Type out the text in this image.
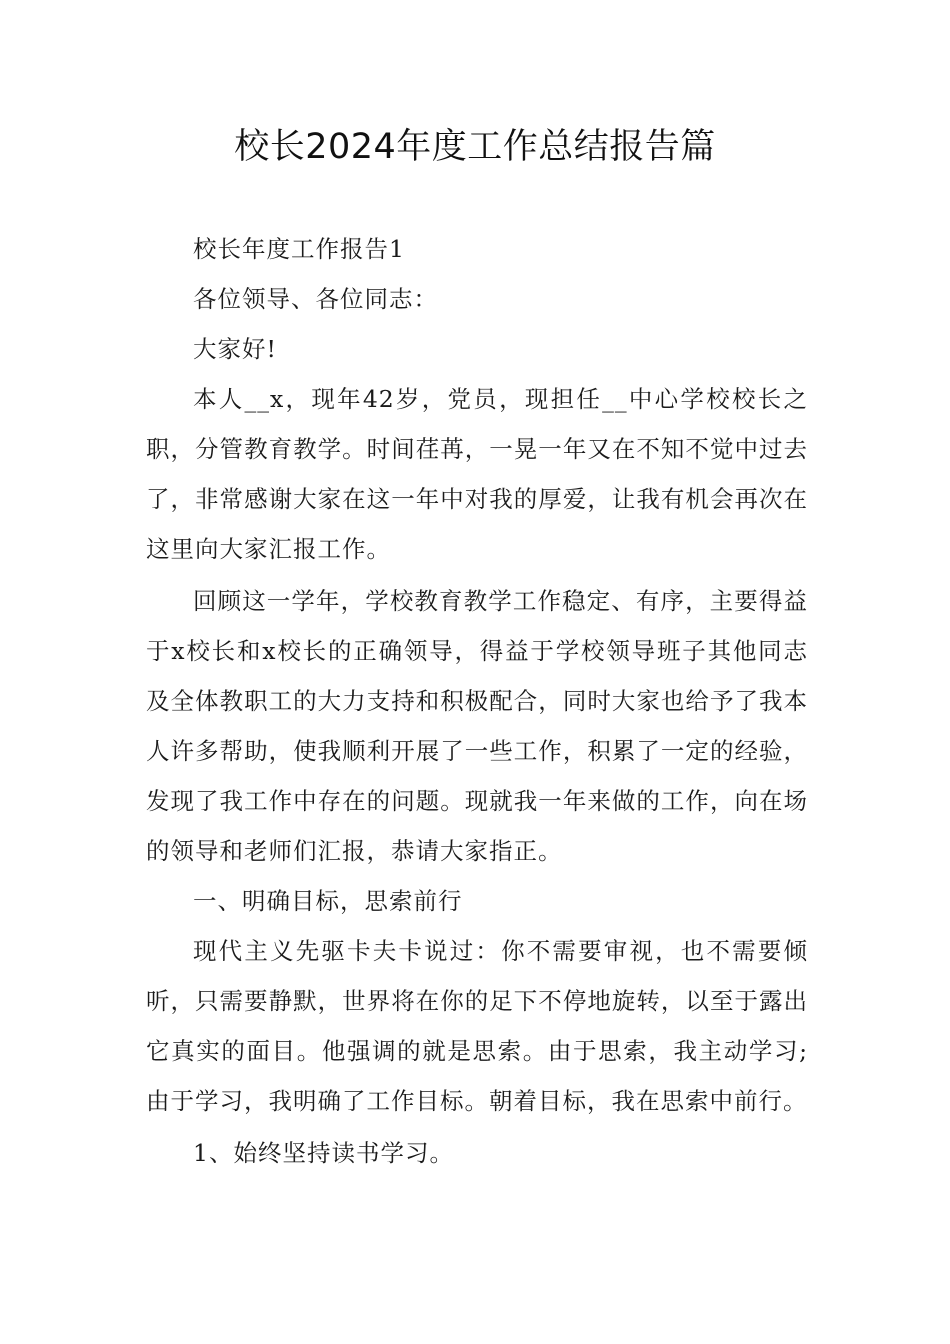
校长2024年度工作总结报告篇

校长年度工作报告1

各位领导、各位同志：

大家好!

本人__x，现年42岁，党员，现担任__中心学校校长之职，分管教育教学。时间荏苒，一晃一年又在不知不觉中过去了，非常感谢大家在这一年中对我的厚爱，让我有机会再次在这里向大家汇报工作。

回顾这一学年，学校教育教学工作稳定、有序，主要得益于x校长和x校长的正确领导，得益于学校领导班子其他同志及全体教职工的大力支持和积极配合，同时大家也给予了我本人许多帮助，使我顺利开展了一些工作，积累了一定的经验，发现了我工作中存在的问题。现就我一年来做的工作，向在场的领导和老师们汇报，恭请大家指正。

一、明确目标，思索前行

现代主义先驱卡夫卡说过：你不需要审视，也不需要倾听，只需要静默，世界将在你的足下不停地旋转，以至于露出它真实的面目。他强调的就是思索。由于思索，我主动学习;由于学习，我明确了工作目标。朝着目标，我在思索中前行。

1、始终坚持读书学习。
